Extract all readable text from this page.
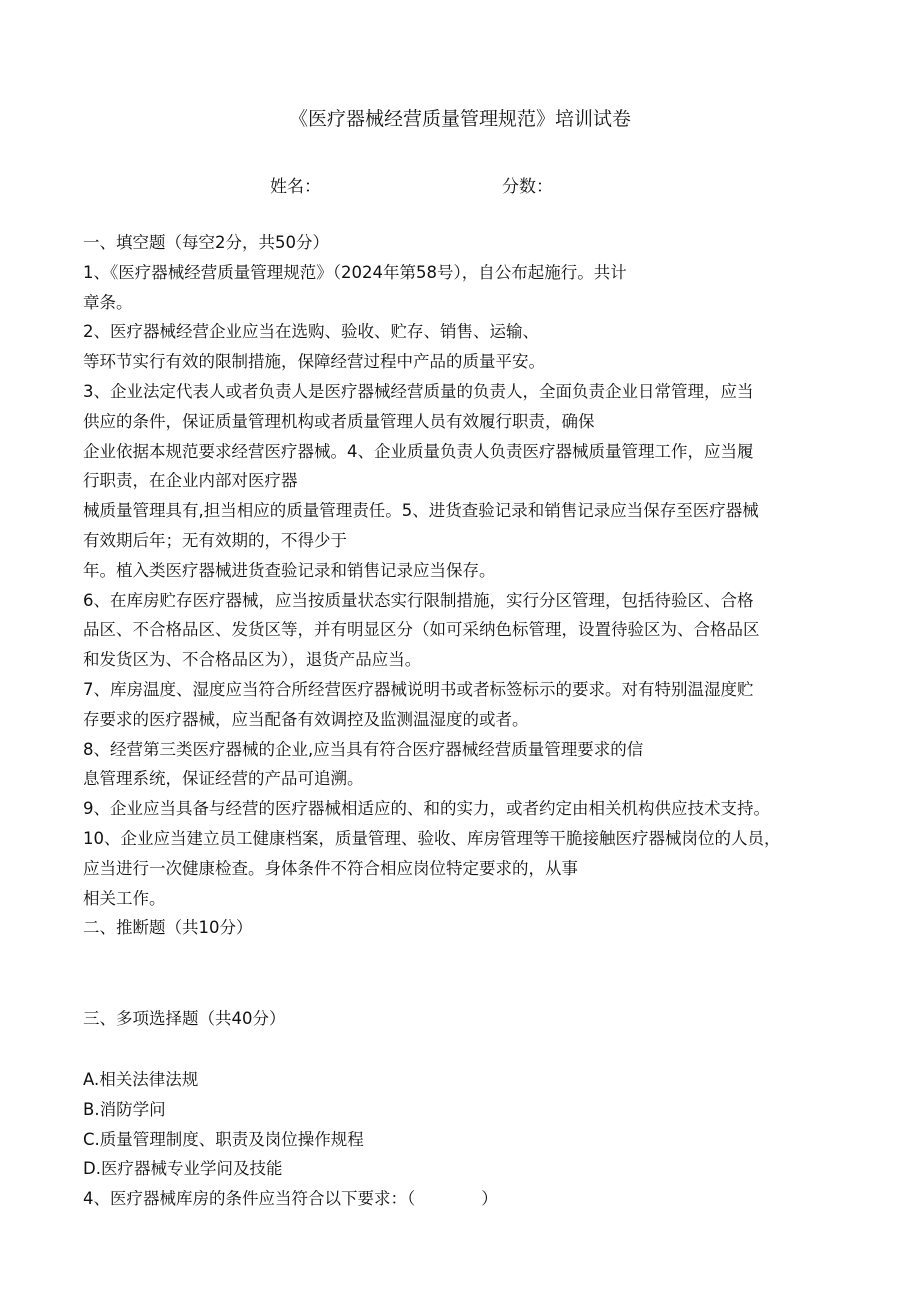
《医疗器械经营质量管理规范》培训试卷
姓名：	分数：
一、填空题（每空2分，共50分）
1、《医疗器械经营质量管理规范》（2024年第58号），自公布起施行。共计
章条。
2、医疗器械经营企业应当在选购、验收、贮存、销售、运输、
等环节实行有效的限制措施，保障经营过程中产品的质量平安。
3、企业法定代表人或者负责人是医疗器械经营质量的负责人，全面负责企业日常管理，应当
供应的条件，保证质量管理机构或者质量管理人员有效履行职责，确保
企业依据本规范要求经营医疗器械。4、企业质量负责人负责医疗器械质量管理工作，应当履
行职责，在企业内部对医疗器
械质量管理具有,担当相应的质量管理责任。5、进货查验记录和销售记录应当保存至医疗器械
有效期后年；无有效期的，不得少于
年。植入类医疗器械进货查验记录和销售记录应当保存。
6、在库房贮存医疗器械，应当按质量状态实行限制措施，实行分区管理，包括待验区、合格
品区、不合格品区、发货区等，并有明显区分（如可采纳色标管理，设置待验区为、合格品区
和发货区为、不合格品区为），退货产品应当。
7、库房温度、湿度应当符合所经营医疗器械说明书或者标签标示的要求。对有特别温湿度贮
存要求的医疗器械，应当配备有效调控及监测温湿度的或者。
8、经营第三类医疗器械的企业,应当具有符合医疗器械经营质量管理要求的信
息管理系统，保证经营的产品可追溯。
9、企业应当具备与经营的医疗器械相适应的、和的实力，或者约定由相关机构供应技术支持。
10、企业应当建立员工健康档案，质量管理、验收、库房管理等干脆接触医疗器械岗位的人员，
应当进行一次健康检查。身体条件不符合相应岗位特定要求的，从事
相关工作。
二、推断题（共10分）
三、多项选择题（共40分）
A.相关法律法规
B.消防学问
C.质量管理制度、职责及岗位操作规程
D.医疗器械专业学问及技能
4、医疗器械库房的条件应当符合以下要求：（　　　　）
